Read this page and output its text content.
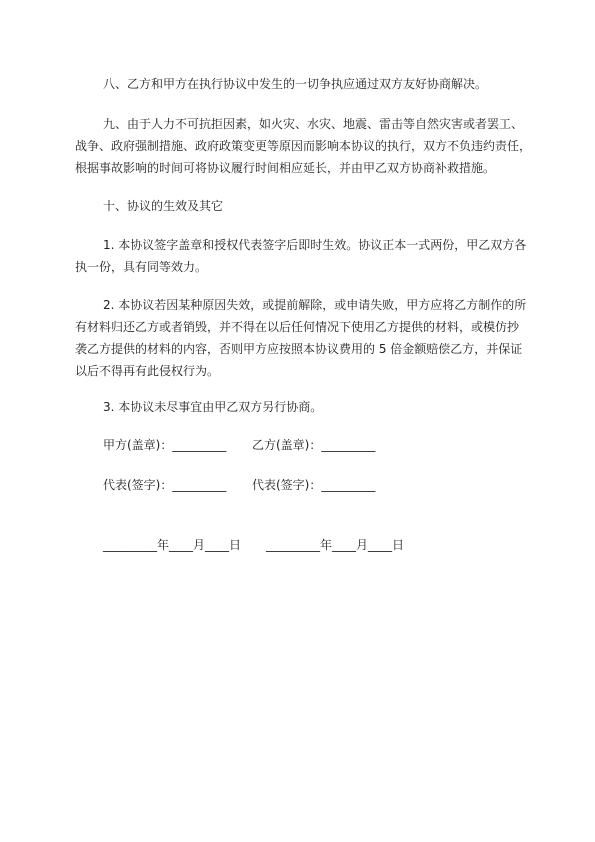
八、乙方和甲方在执行协议中发生的一切争执应通过双方友好协商解决。

九、由于人力不可抗拒因素，如火灾、水灾、地震、雷击等自然灾害或者罢工、
战争、政府强制措施、政府政策变更等原因而影响本协议的执行，双方不负违约责任，
根据事故影响的时间可将协议履行时间相应延长，并由甲乙双方协商补救措施。

十、协议的生效及其它

1. 本协议签字盖章和授权代表签字后即时生效。协议正本一式两份，甲乙双方各
执一份，具有同等效力。

2. 本协议若因某种原因失效，或提前解除，或申请失败，甲方应将乙方制作的所
有材料归还乙方或者销毁，并不得在以后任何情况下使用乙方提供的材料，或模仿抄
袭乙方提供的材料的内容，否则甲方应按照本协议费用的 5 倍金额赔偿乙方，并保证
以后不得再有此侵权行为。

3. 本协议未尽事宜由甲乙双方另行协商。

甲方(盖章)：_________ 乙方(盖章)：_________
代表(签字)：_________ 代表(签字)：_________
_________年____月____日 _________年____月____日
